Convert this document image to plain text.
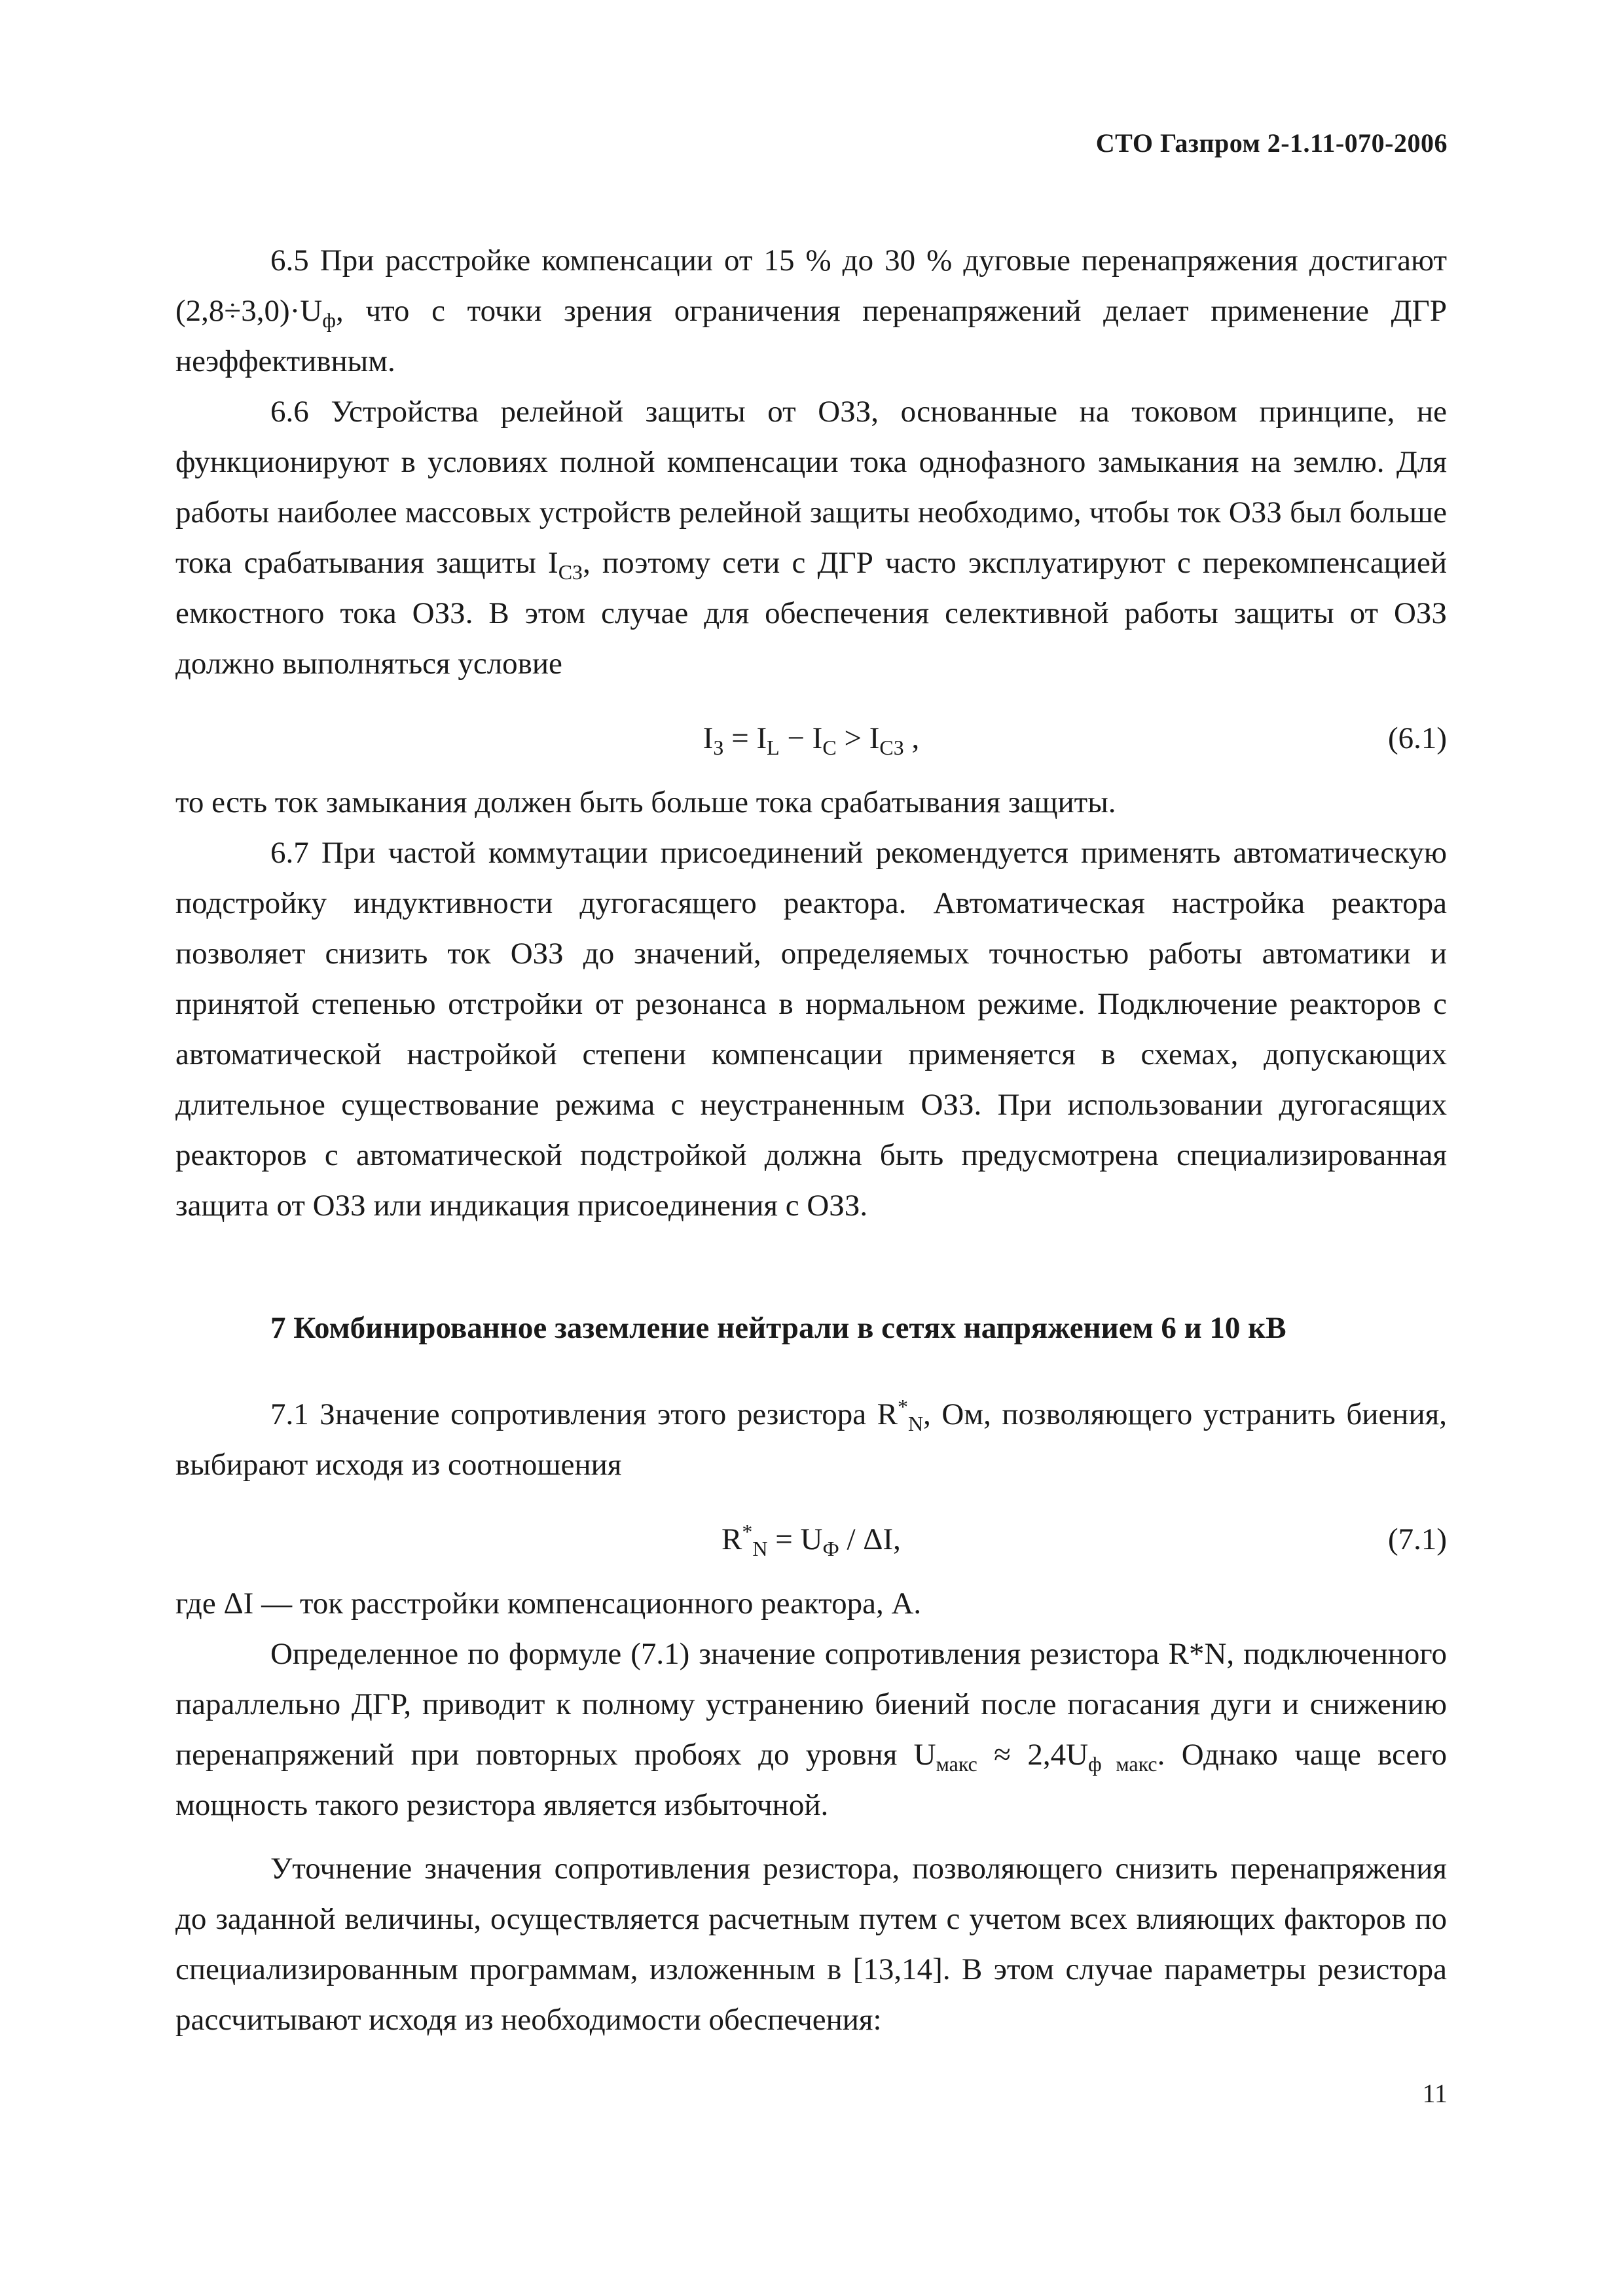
СТО Газпром 2-1.11-070-2006

6.5 При расстройке компенсации от 15 % до 30 % дуговые перенапряжения достигают $(2,8\div 3,0)\cdot U_ф$, что с точки зрения ограничения перенапряжений делает применение ДГР неэффективным.

6.6 Устройства релейной защиты от ОЗЗ, основанные на токовом принципе, не функционируют в условиях полной компенсации тока однофазного замыкания на землю. Для работы наиболее массовых устройств релейной защиты необходимо, чтобы ток ОЗЗ был больше тока срабатывания защиты $I_{СЗ}$, поэтому сети с ДГР часто эксплуатируют с перекомпенсацией емкостного тока ОЗЗ. В этом случае для обеспечения селективной работы защиты от ОЗЗ должно выполняться условие

$I_З = I_L - I_C > I_{СЗ}$ ,	(6.1)

то есть ток замыкания должен быть больше тока срабатывания защиты.

6.7 При частой коммутации присоединений рекомендуется применять автоматическую подстройку индуктивности дугогасящего реактора. Автоматическая настройка реактора позволяет снизить ток ОЗЗ до значений, определяемых точностью работы автоматики и принятой степенью отстройки от резонанса в нормальном режиме. Подключение реакторов с автоматической настройкой степени компенсации применяется в схемах, допускающих длительное существование режима с неустраненным ОЗЗ. При использовании дугогасящих реакторов с автоматической подстройкой должна быть предусмотрена специализированная защита от ОЗЗ или индикация присоединения с ОЗЗ.

7 Комбинированное заземление нейтрали в сетях напряжением 6 и 10 кВ

7.1 Значение сопротивления этого резистора $R^*_N$, Ом, позволяющего устранить биения, выбирают исходя из соотношения

$R^*_N = U_Ф / \Delta I$,	(7.1)

где ΔI — ток расстройки компенсационного реактора, А.

Определенное по формуле (7.1) значение сопротивления резистора R*N, подключенного параллельно ДГР, приводит к полному устранению биений после погасания дуги и снижению перенапряжений при повторных пробоях до уровня $U_{макс} \approx 2,4U_{ф макс}$. Однако чаще всего мощность такого резистора является избыточной.

Уточнение значения сопротивления резистора, позволяющего снизить перенапряжения до заданной величины, осуществляется расчетным путем с учетом всех влияющих факторов по специализированным программам, изложенным в [13,14]. В этом случае параметры резистора рассчитывают исходя из необходимости обеспечения:

11
